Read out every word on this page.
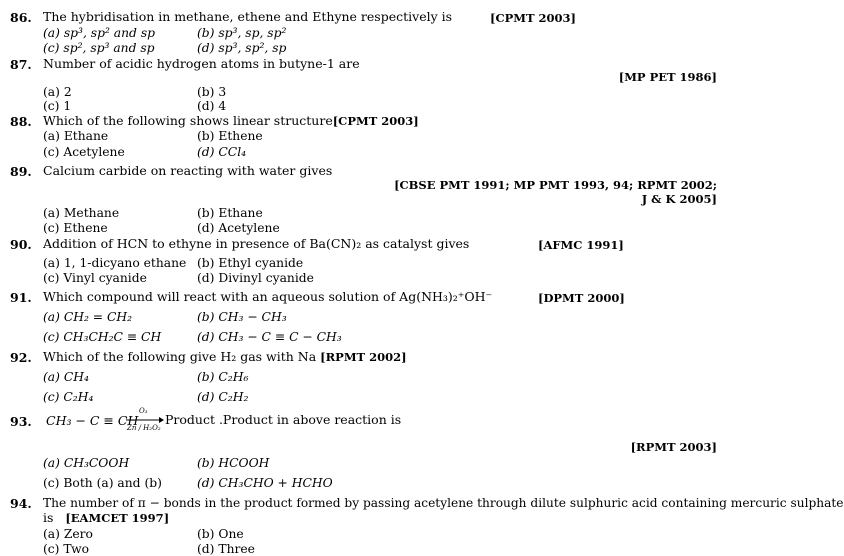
86. The hybridisation in methane, ethene and Ethyne respectively is	[CPMT 2003]
(a) sp³, sp² and sp	(b) sp³, sp, sp²
(c) sp², sp³ and sp	(d) sp³, sp², sp
87. Number of acidic hydrogen atoms in butyne-1 are
[MP PET 1986]
(a) 2	(b) 3
(c) 1	(d) 4
88. Which of the following shows linear structure[CPMT 2003]
(a) Ethane	(b) Ethene
(c) Acetylene	(d) CCl₄
89. Calcium carbide on reacting with water gives
[CBSE PMT 1991; MP PMT 1993, 94; RPMT 2002;
J & K 2005]
(a) Methane	(b) Ethane
(c) Ethene	(d) Acetylene
90. Addition of HCN to ethyne in presence of Ba(CN)₂ as catalyst gives	[AFMC 1991]
(a) 1, 1-dicyano ethane (b) Ethyl cyanide
(c) Vinyl cyanide	(d) Divinyl cyanide
91. Which compound will react with an aqueous solution of Ag(NH₃)₂⁺OH⁻	[DPMT 2000]
(a) CH₂ = CH₂	(b) CH₃ − CH₃
(c) CH₃CH₂C ≡ CH	(d) CH₃ − C ≡ C − CH₃
92. Which of the following give H₂ gas with Na [RPMT 2002]
(a) CH₄	(b) C₂H₆
(c) C₂H₄	(d) C₂H₂
93. CH₃ − C ≡ CH
O₃
Zn / H₂O₂
Product .Product in above reaction is
[RPMT 2003]
(a) CH₃COOH	(b) HCOOH
(c) Both (a) and (b)	(d) CH₃CHO + HCHO
94. The number of π − bonds in the product formed by passing acetylene through dilute sulphuric acid containing mercuric sulphate
is [EAMCET 1997]
(a) Zero	(b) One
(c) Two	(d) Three
